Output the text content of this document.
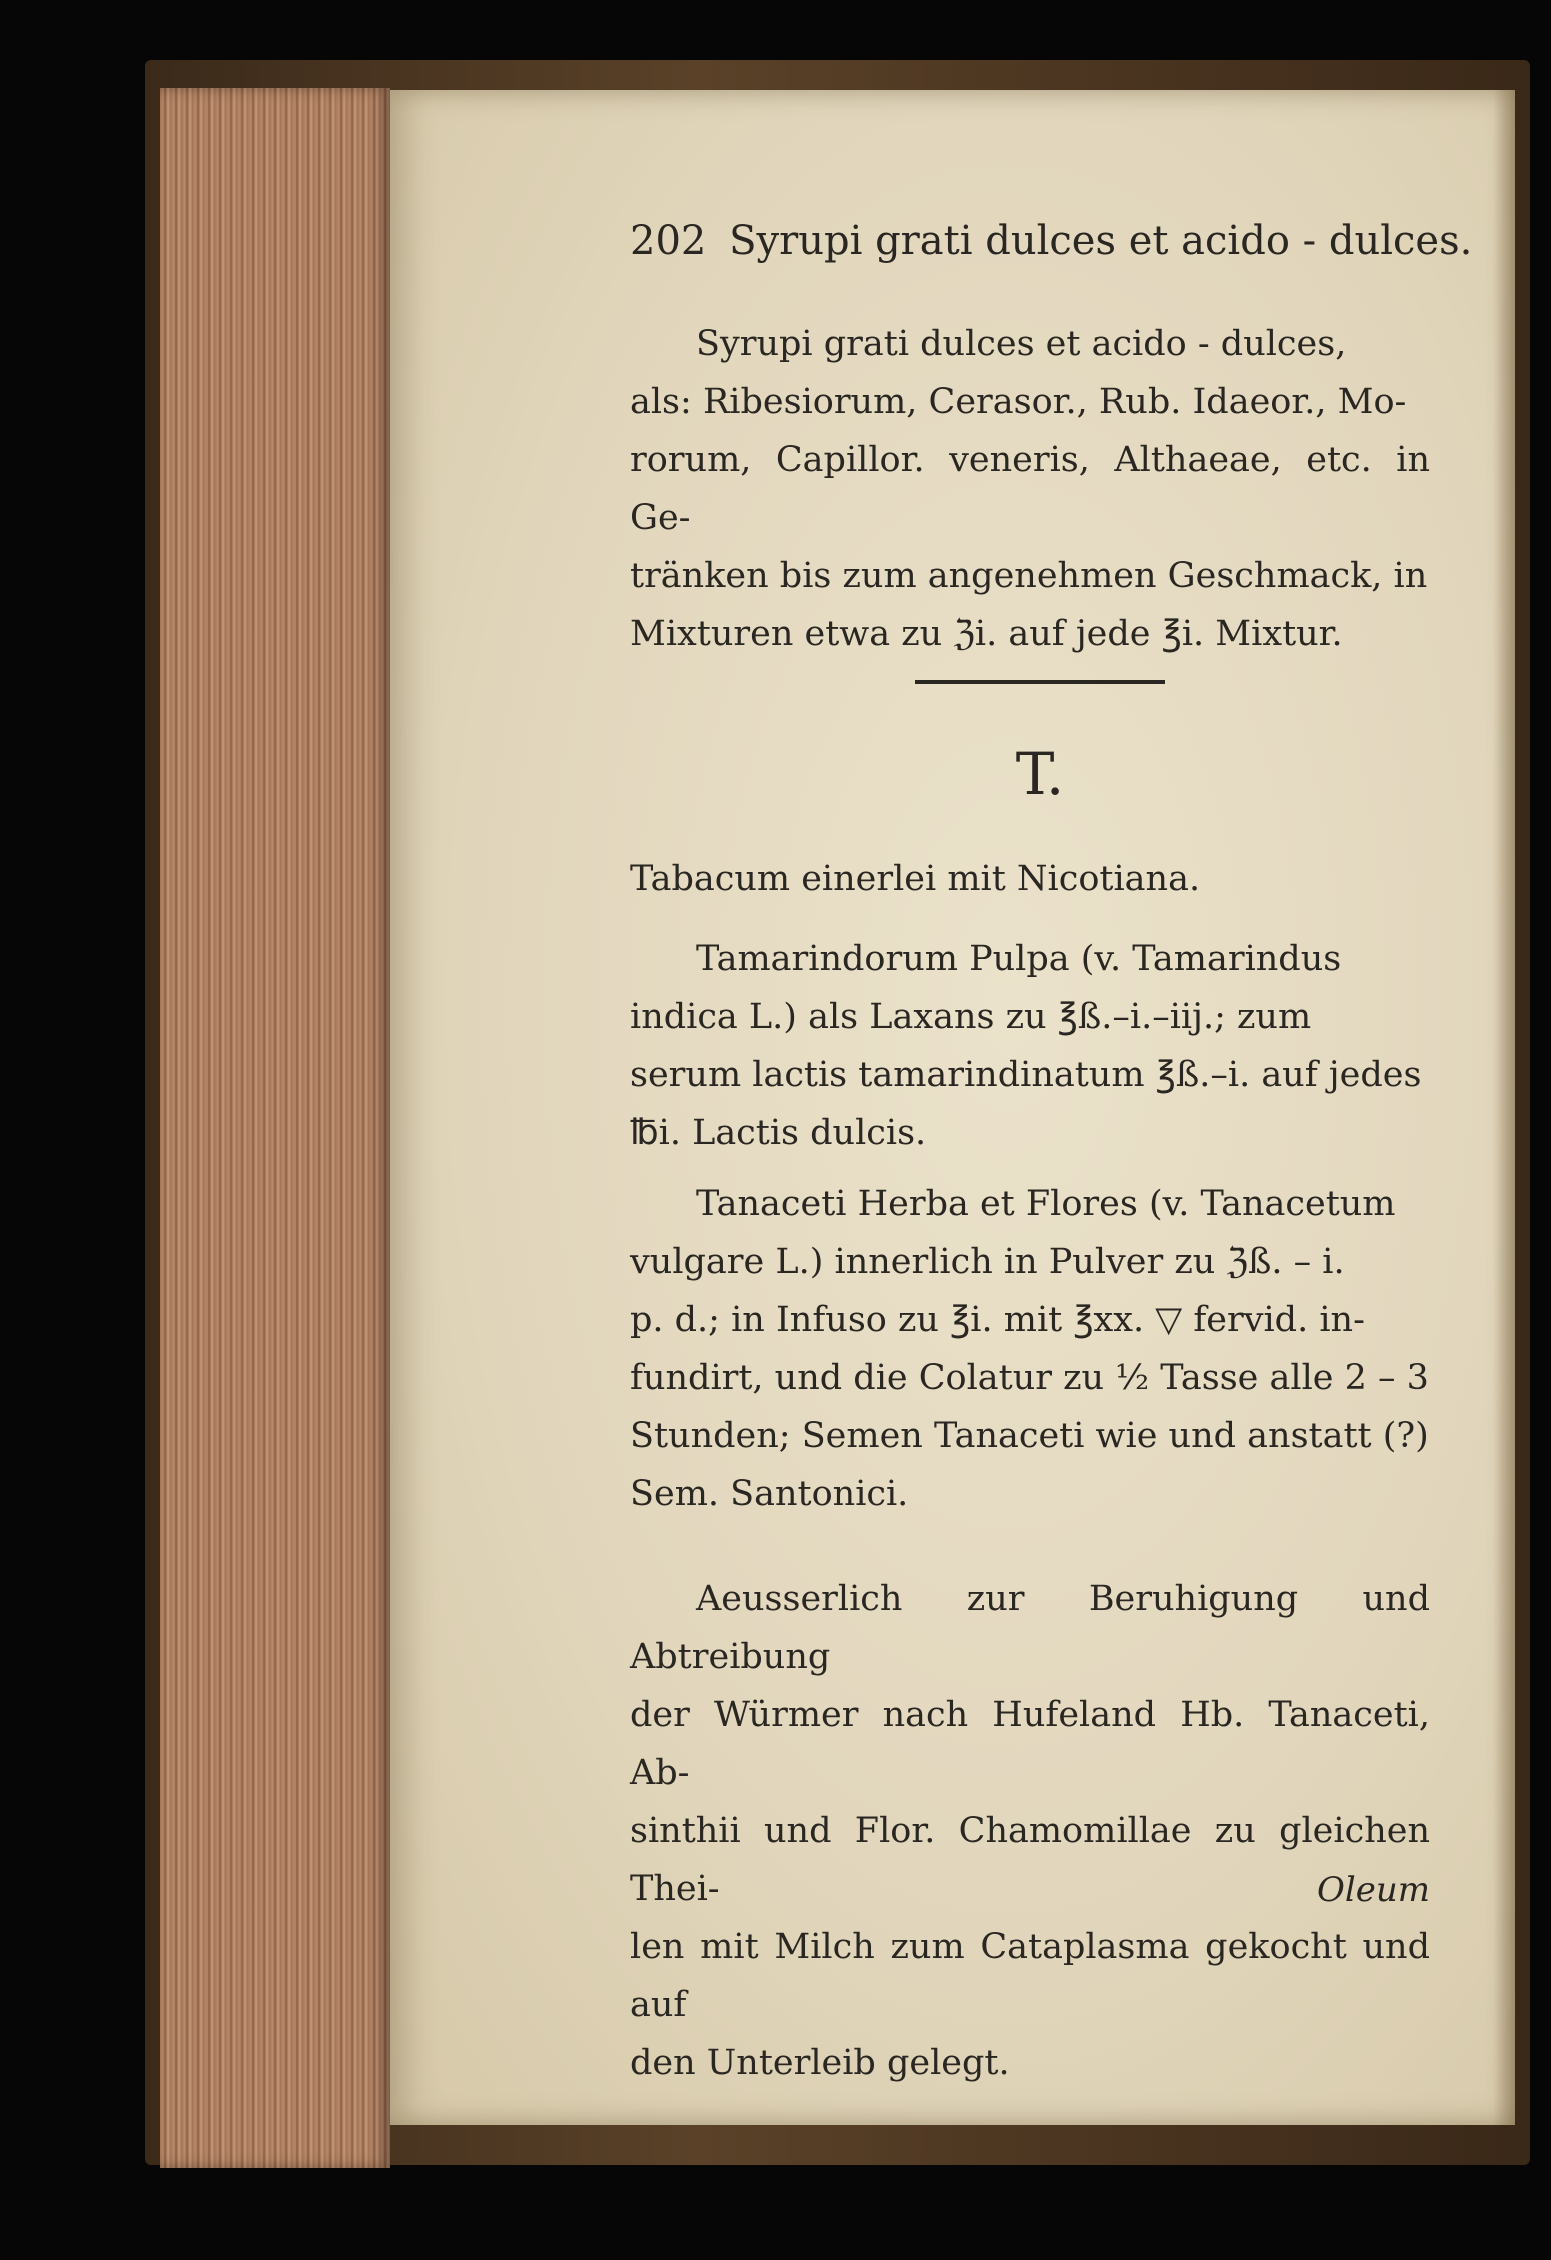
202 Syrupi grati dulces et acido - dulces.
Syrupi grati dulces et acido - dulces,
als: Ribesiorum, Cerasor., Rub. Idaeor., Mo-
rorum, Capillor. veneris, Althaeae, etc. in Ge-
tränken bis zum angenehmen Geschmack, in
Mixturen etwa zu ℨi. auf jede ℥i. Mixtur.
T.
Tabacum einerlei mit Nicotiana.
Tamarindorum Pulpa (v. Tamarindus
indica L.) als Laxans zu ℥ß.–i.–iij.; zum
serum lactis tamarindinatum ℥ß.–i. auf jedes
℔i. Lactis dulcis.
Tanaceti Herba et Flores (v. Tanacetum
vulgare L.) innerlich in Pulver zu ℨß. – i.
p. d.; in Infuso zu ℥i. mit ℥xx. ▽ fervid. in-
fundirt, und die Colatur zu ½ Tasse alle 2 – 3
Stunden; Semen Tanaceti wie und anstatt (?)
Sem. Santonici.
Aeusserlich zur Beruhigung und Abtreibung
der Würmer nach Hufeland Hb. Tanaceti, Ab-
sinthii und Flor. Chamomillae zu gleichen Thei-
len mit Milch zum Cataplasma gekocht und auf
den Unterleib gelegt.
Oleum
